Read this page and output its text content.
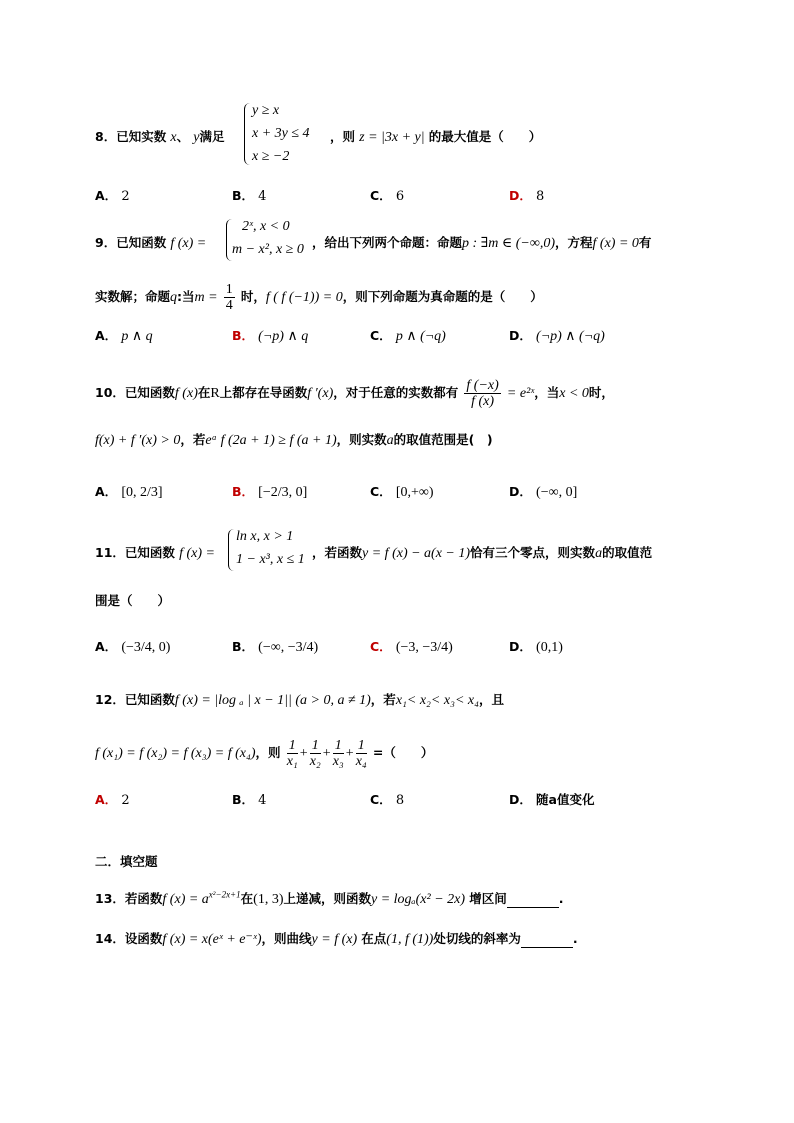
8．已知实数 x、 y满足
y ≥ x
x + 3y ≤ 4
x ≥ −2
，则 z = |3x + y| 的最大值是（　　）
A． 2	B． 4	C． 6	D． 8
9．已知函数 f (x) =
2ˣ, x < 0
m − x², x ≥ 0 ，给出下列两个命题：命题p : ∃m ∈ (−∞,0)，方程f (x) = 0有
实数解；命题q:当$m = \frac{1}{4}$ 时，f ( f (−1)) = 0，则下列命题为真命题的是（　　）
A． p ∧ q	B． (¬p) ∧ q	C． p ∧ (¬q)	D． (¬p) ∧ (¬q)
10．已知函数f (x)在R上都存在导函数f ′(x)，对于任意的实数都有 $\frac{f (-x)}{f (x)}$ = e²ˣ，当x < 0时，
f(x) + f ′(x) > 0，若eᵃ f (2a + 1) ≥ f (a + 1)，则实数a的取值范围是(　)
A． [0, 2/3]	B． [−2/3, 0]	C． [0,+∞)	D． (−∞, 0]
11．已知函数 f (x) =
ln x, x > 1
1 − x³, x ≤ 1 ，若函数y = f (x) − a(x − 1)恰有三个零点，则实数a的取值范
围是（　　）
A． (−3/4, 0)	B． (−∞, −3/4)	C． (−3, −3/4)	D． (0,1)
12．已知函数f (x) = |log ₐ | x − 1|| (a > 0, a ≠ 1)，若x₁< x₂< x₃< x₄，且
f (x₁) = f (x₂) = f (x₃) = f (x₄)，则 $\frac{1}{\text{x₁}} + \frac{1}{\text{x₂}} + \frac{1}{\text{x₃}} + \frac{1}{\text{x₄}}$ =（　　）
A． 2	B． 4	C． 8	D． 随a值变化
二．填空题
13．若函数f $(x) = a^{x^2-2x+1}$在(1, 3)上递减，则函数y = logₐ(x² − 2x) 增区间	.
14．设函数f (x) = x(eˣ + e⁻ˣ)，则曲线y = f (x) 在点(1, f (1))处切线的斜率为	.
